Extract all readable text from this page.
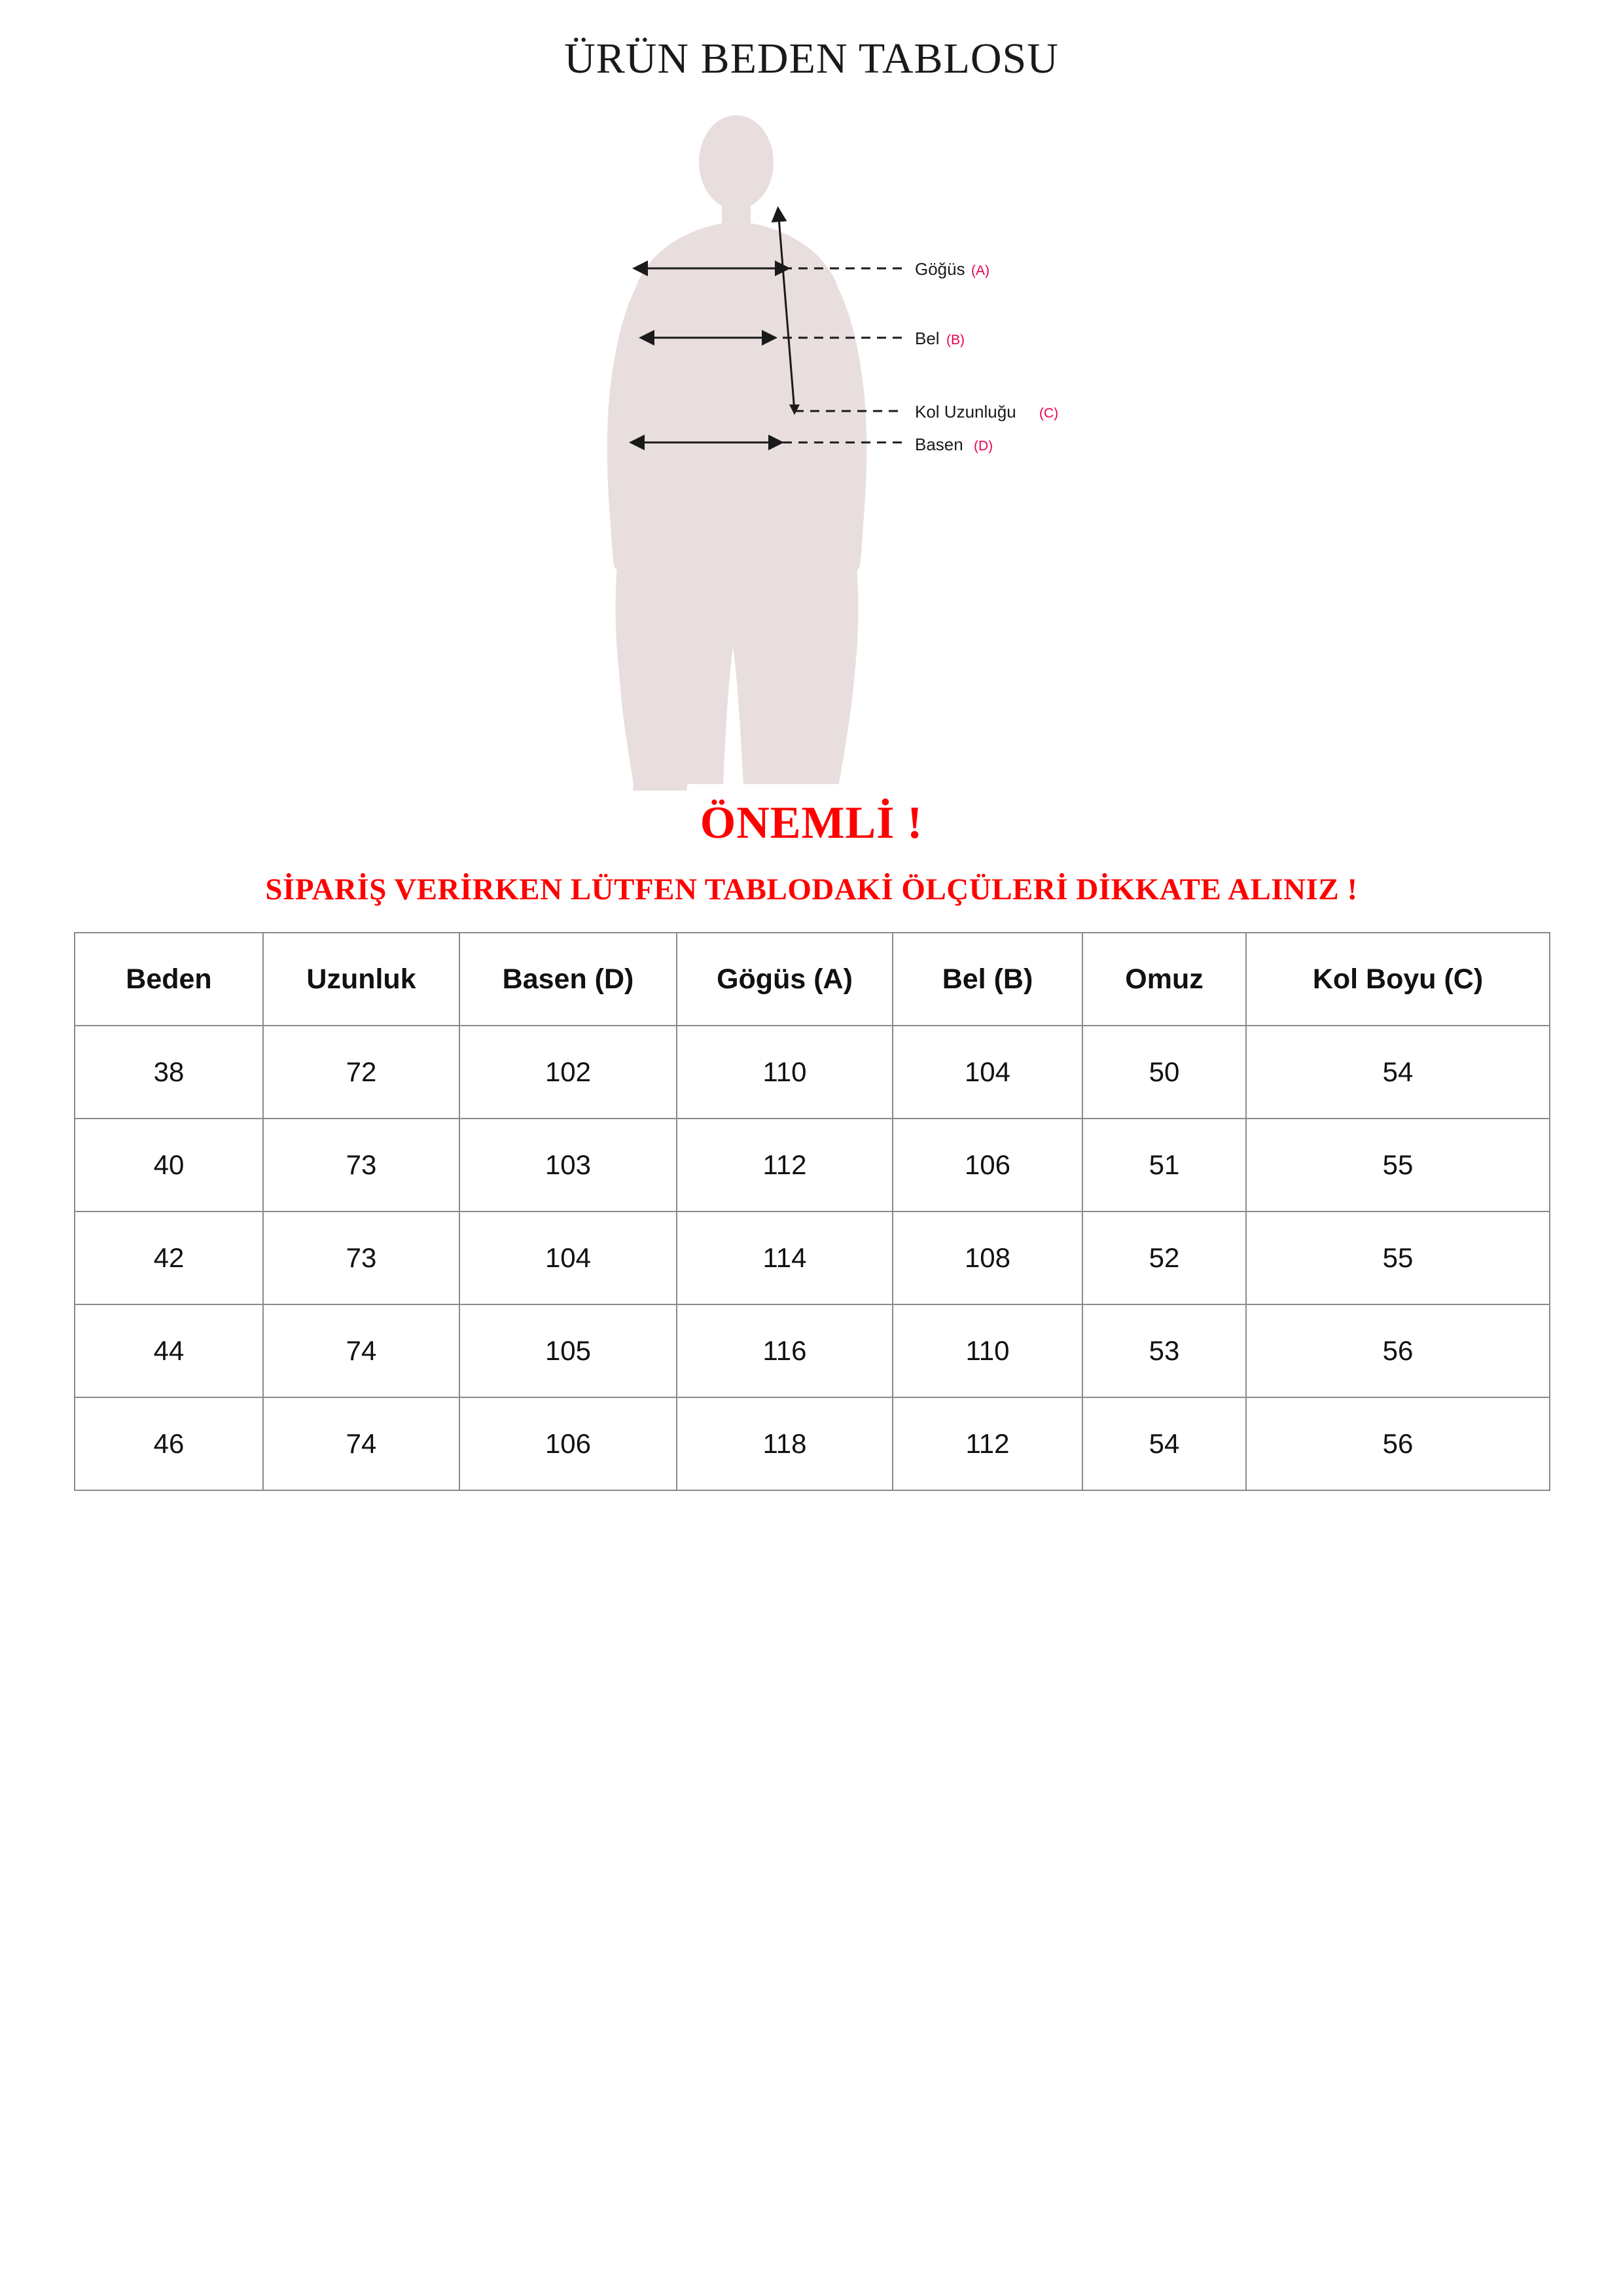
ÜRÜN BEDEN TABLOSU
Göğüs (A)
Bel (B)
Kol Uzunluğu (C)
Basen (D)
ÖNEMLİ !
SİPARİŞ VERİRKEN LÜTFEN TABLODAKİ ÖLÇÜLERİ DİKKATE ALINIZ !
Beden	Uzunluk	Basen (D)	Gögüs (A)	Bel (B)	Omuz	Kol Boyu (C)
38	72	102	110	104	50	54
40	73	103	112	106	51	55
42	73	104	114	108	52	55
44	74	105	116	110	53	56
46	74	106	118	112	54	56
